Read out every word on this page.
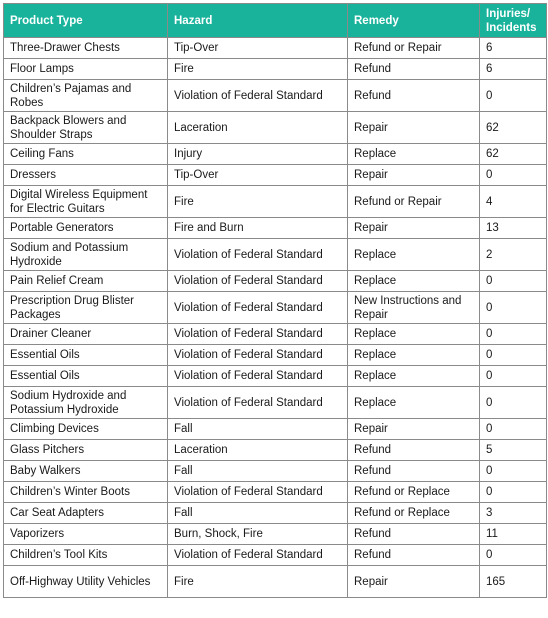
Product Type	Hazard	Remedy	Injuries/ Incidents
Three-Drawer Chests	Tip-Over	Refund or Repair	6
Floor Lamps	Fire	Refund	6
Children’s Pajamas and Robes	Violation of Federal Standard	Refund	0
Backpack Blowers and Shoulder Straps	Laceration	Repair	62
Ceiling Fans	Injury	Replace	62
Dressers	Tip-Over	Repair	0
Digital Wireless Equipment for Electric Guitars	Fire	Refund or Repair	4
Portable Generators	Fire and Burn	Repair	13
Sodium and Potassium Hydroxide	Violation of Federal Standard	Replace	2
Pain Relief Cream	Violation of Federal Standard	Replace	0
Prescription Drug Blister Packages	Violation of Federal Standard	New Instructions and Repair	0
Drainer Cleaner	Violation of Federal Standard	Replace	0
Essential Oils	Violation of Federal Standard	Replace	0
Essential Oils	Violation of Federal Standard	Replace	0
Sodium Hydroxide and Potassium Hydroxide	Violation of Federal Standard	Replace	0
Climbing Devices	Fall	Repair	0
Glass Pitchers	Laceration	Refund	5
Baby Walkers	Fall	Refund	0
Children’s Winter Boots	Violation of Federal Standard	Refund or Replace	0
Car Seat Adapters	Fall	Refund or Replace	3
Vaporizers	Burn, Shock, Fire	Refund	11
Children’s Tool Kits	Violation of Federal Standard	Refund	0
Off-Highway Utility Vehicles	Fire	Repair	165
